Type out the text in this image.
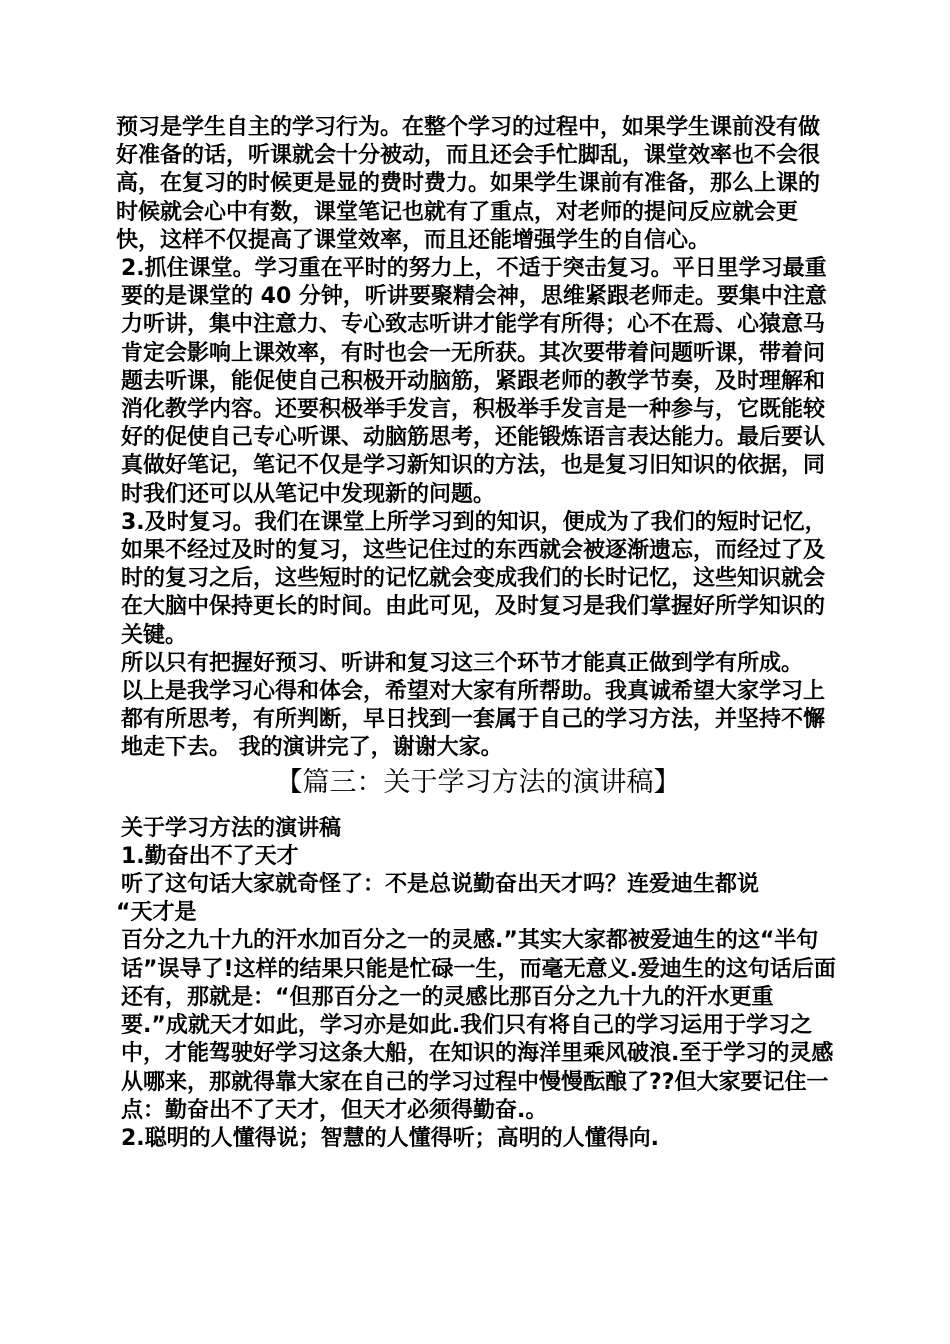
预习是学生自主的学习行为。在整个学习的过程中，如果学生课前没有做好准备的话，听课就会十分被动，而且还会手忙脚乱，课堂效率也不会很高，在复习的时候更是显的费时费力。如果学生课前有准备，那么上课的时候就会心中有数，课堂笔记也就有了重点，对老师的提问反应就会更快，这样不仅提高了课堂效率，而且还能增强学生的自信心。

2.抓住课堂。学习重在平时的努力上，不适于突击复习。平日里学习最重要的是课堂的 40 分钟，听讲要聚精会神，思维紧跟老师走。要集中注意力听讲，集中注意力、专心致志听讲才能学有所得；心不在焉、心猿意马肯定会影响上课效率，有时也会一无所获。其次要带着问题听课，带着问题去听课，能促使自己积极开动脑筋，紧跟老师的教学节奏，及时理解和消化教学内容。还要积极举手发言，积极举手发言是一种参与，它既能较好的促使自己专心听课、动脑筋思考，还能锻炼语言表达能力。最后要认真做好笔记，笔记不仅是学习新知识的方法，也是复习旧知识的依据，同时我们还可以从笔记中发现新的问题。

3.及时复习。我们在课堂上所学习到的知识，便成为了我们的短时记忆，如果不经过及时的复习，这些记住过的东西就会被逐渐遗忘，而经过了及时的复习之后，这些短时的记忆就会变成我们的长时记忆，这些知识就会在大脑中保持更长的时间。由此可见，及时复习是我们掌握好所学知识的关键。

所以只有把握好预习、听讲和复习这三个环节才能真正做到学有所成。

以上是我学习心得和体会，希望对大家有所帮助。我真诚希望大家学习上都有所思考，有所判断，早日找到一套属于自己的学习方法，并坚持不懈地走下去。 我的演讲完了，谢谢大家。

【篇三：关于学习方法的演讲稿】

关于学习方法的演讲稿

1.勤奋出不了天才

听了这句话大家就奇怪了：不是总说勤奋出天才吗？连爱迪生都说

“天才是

百分之九十九的汗水加百分之一的灵感.”其实大家都被爱迪生的这“半句话”误导了!这样的结果只能是忙碌一生，而毫无意义.爱迪生的这句话后面还有，那就是：“但那百分之一的灵感比那百分之九十九的汗水更重要.”成就天才如此，学习亦是如此.我们只有将自己的学习运用于学习之中，才能驾驶好学习这条大船，在知识的海洋里乘风破浪.至于学习的灵感从哪来，那就得靠大家在自己的学习过程中慢慢酝酿了??但大家要记住一点：勤奋出不了天才，但天才必须得勤奋.。

2.聪明的人懂得说；智慧的人懂得听；高明的人懂得向.
